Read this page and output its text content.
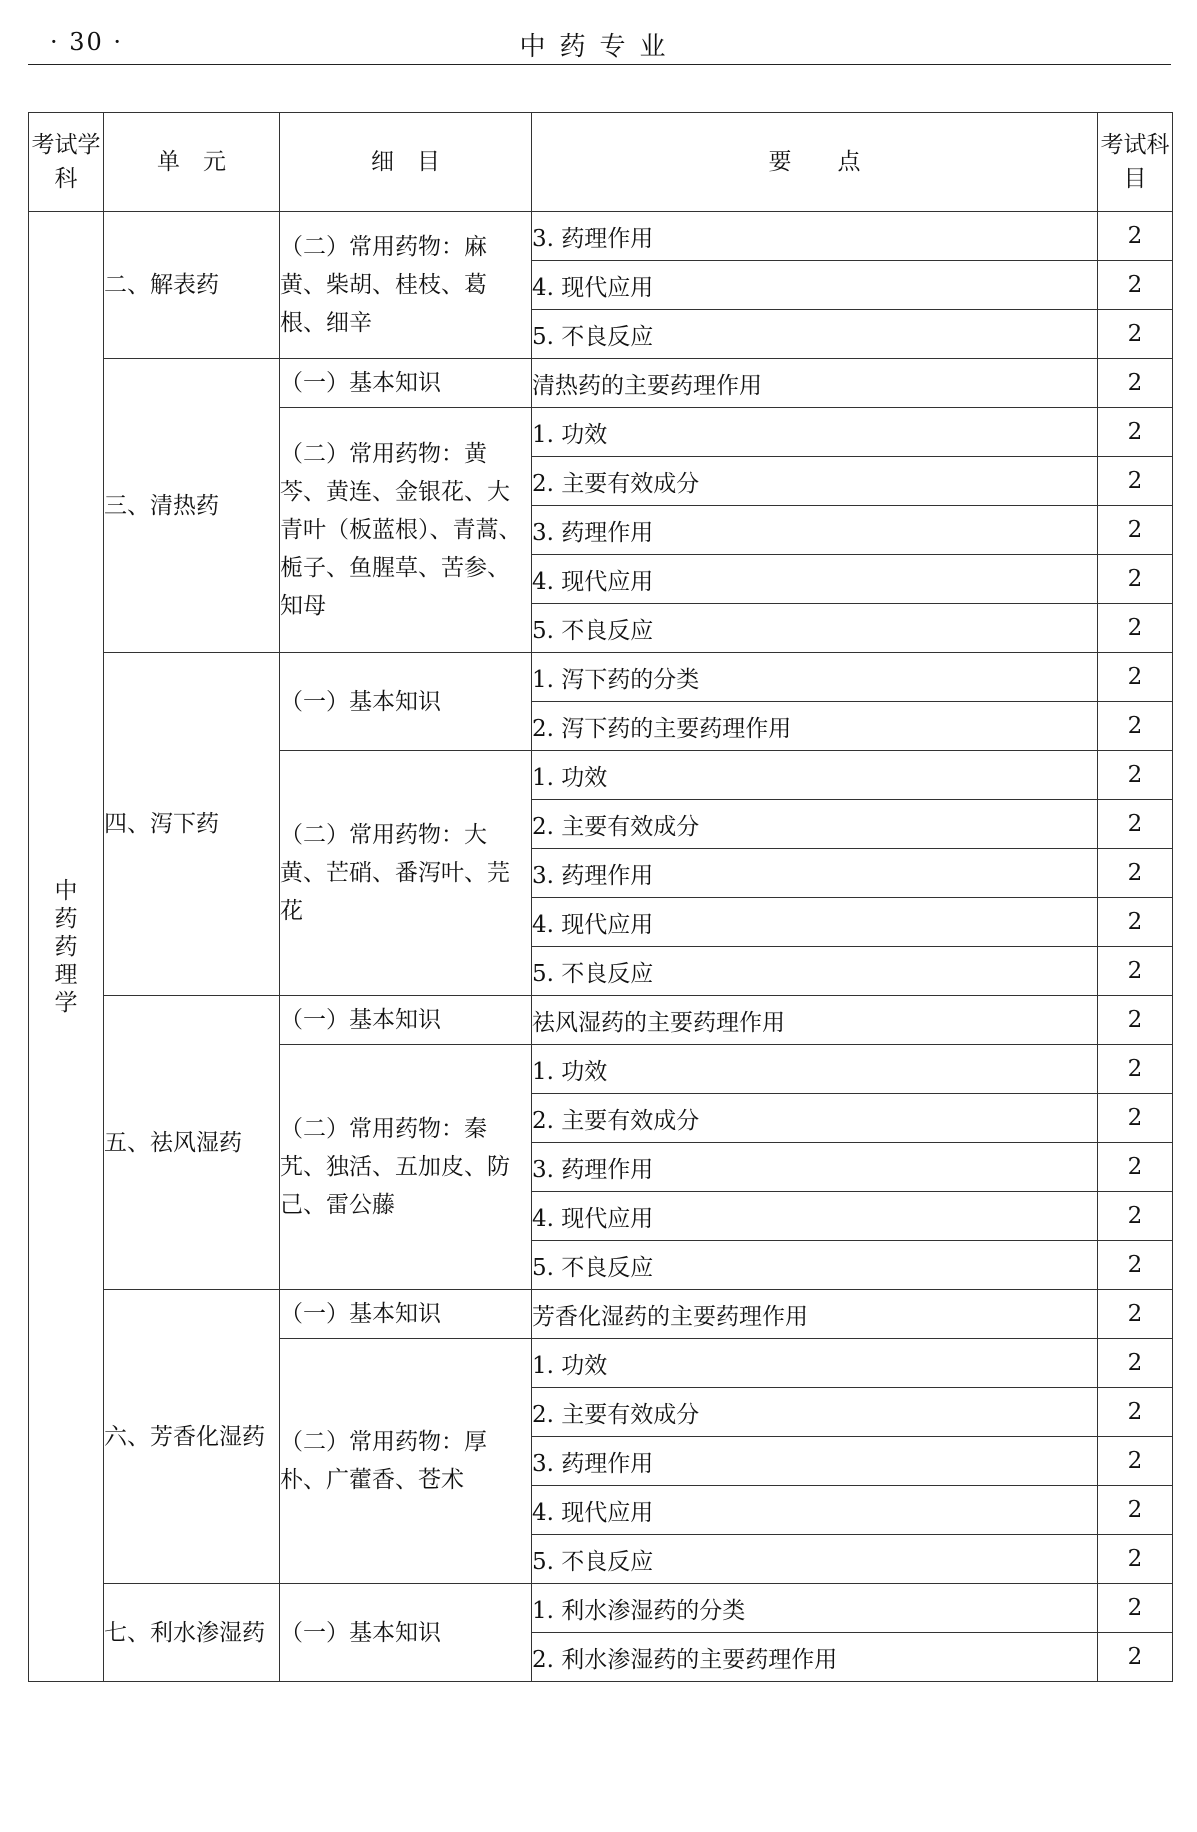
· 30 ·	中药专业
考试学科	单　元	细　目	要　　点	考试科目
中药药理学	二、解表药	（二）常用药物：麻黄、柴胡、桂枝、葛根、细辛	3. 药理作用	2
			4. 现代应用	2
			5. 不良反应	2
	三、清热药	（一）基本知识	清热药的主要药理作用	2
		（二）常用药物：黄芩、黄连、金银花、大青叶（板蓝根）、青蒿、栀子、鱼腥草、苦参、知母	1. 功效	2
			2. 主要有效成分	2
			3. 药理作用	2
			4. 现代应用	2
			5. 不良反应	2
	四、泻下药	（一）基本知识	1. 泻下药的分类	2
			2. 泻下药的主要药理作用	2
		（二）常用药物：大黄、芒硝、番泻叶、芫花	1. 功效	2
			2. 主要有效成分	2
			3. 药理作用	2
			4. 现代应用	2
			5. 不良反应	2
	五、祛风湿药	（一）基本知识	祛风湿药的主要药理作用	2
		（二）常用药物：秦艽、独活、五加皮、防己、雷公藤	1. 功效	2
			2. 主要有效成分	2
			3. 药理作用	2
			4. 现代应用	2
			5. 不良反应	2
	六、芳香化湿药	（一）基本知识	芳香化湿药的主要药理作用	2
		（二）常用药物：厚朴、广藿香、苍术	1. 功效	2
			2. 主要有效成分	2
			3. 药理作用	2
			4. 现代应用	2
			5. 不良反应	2
	七、利水渗湿药	（一）基本知识	1. 利水渗湿药的分类	2
			2. 利水渗湿药的主要药理作用	2
